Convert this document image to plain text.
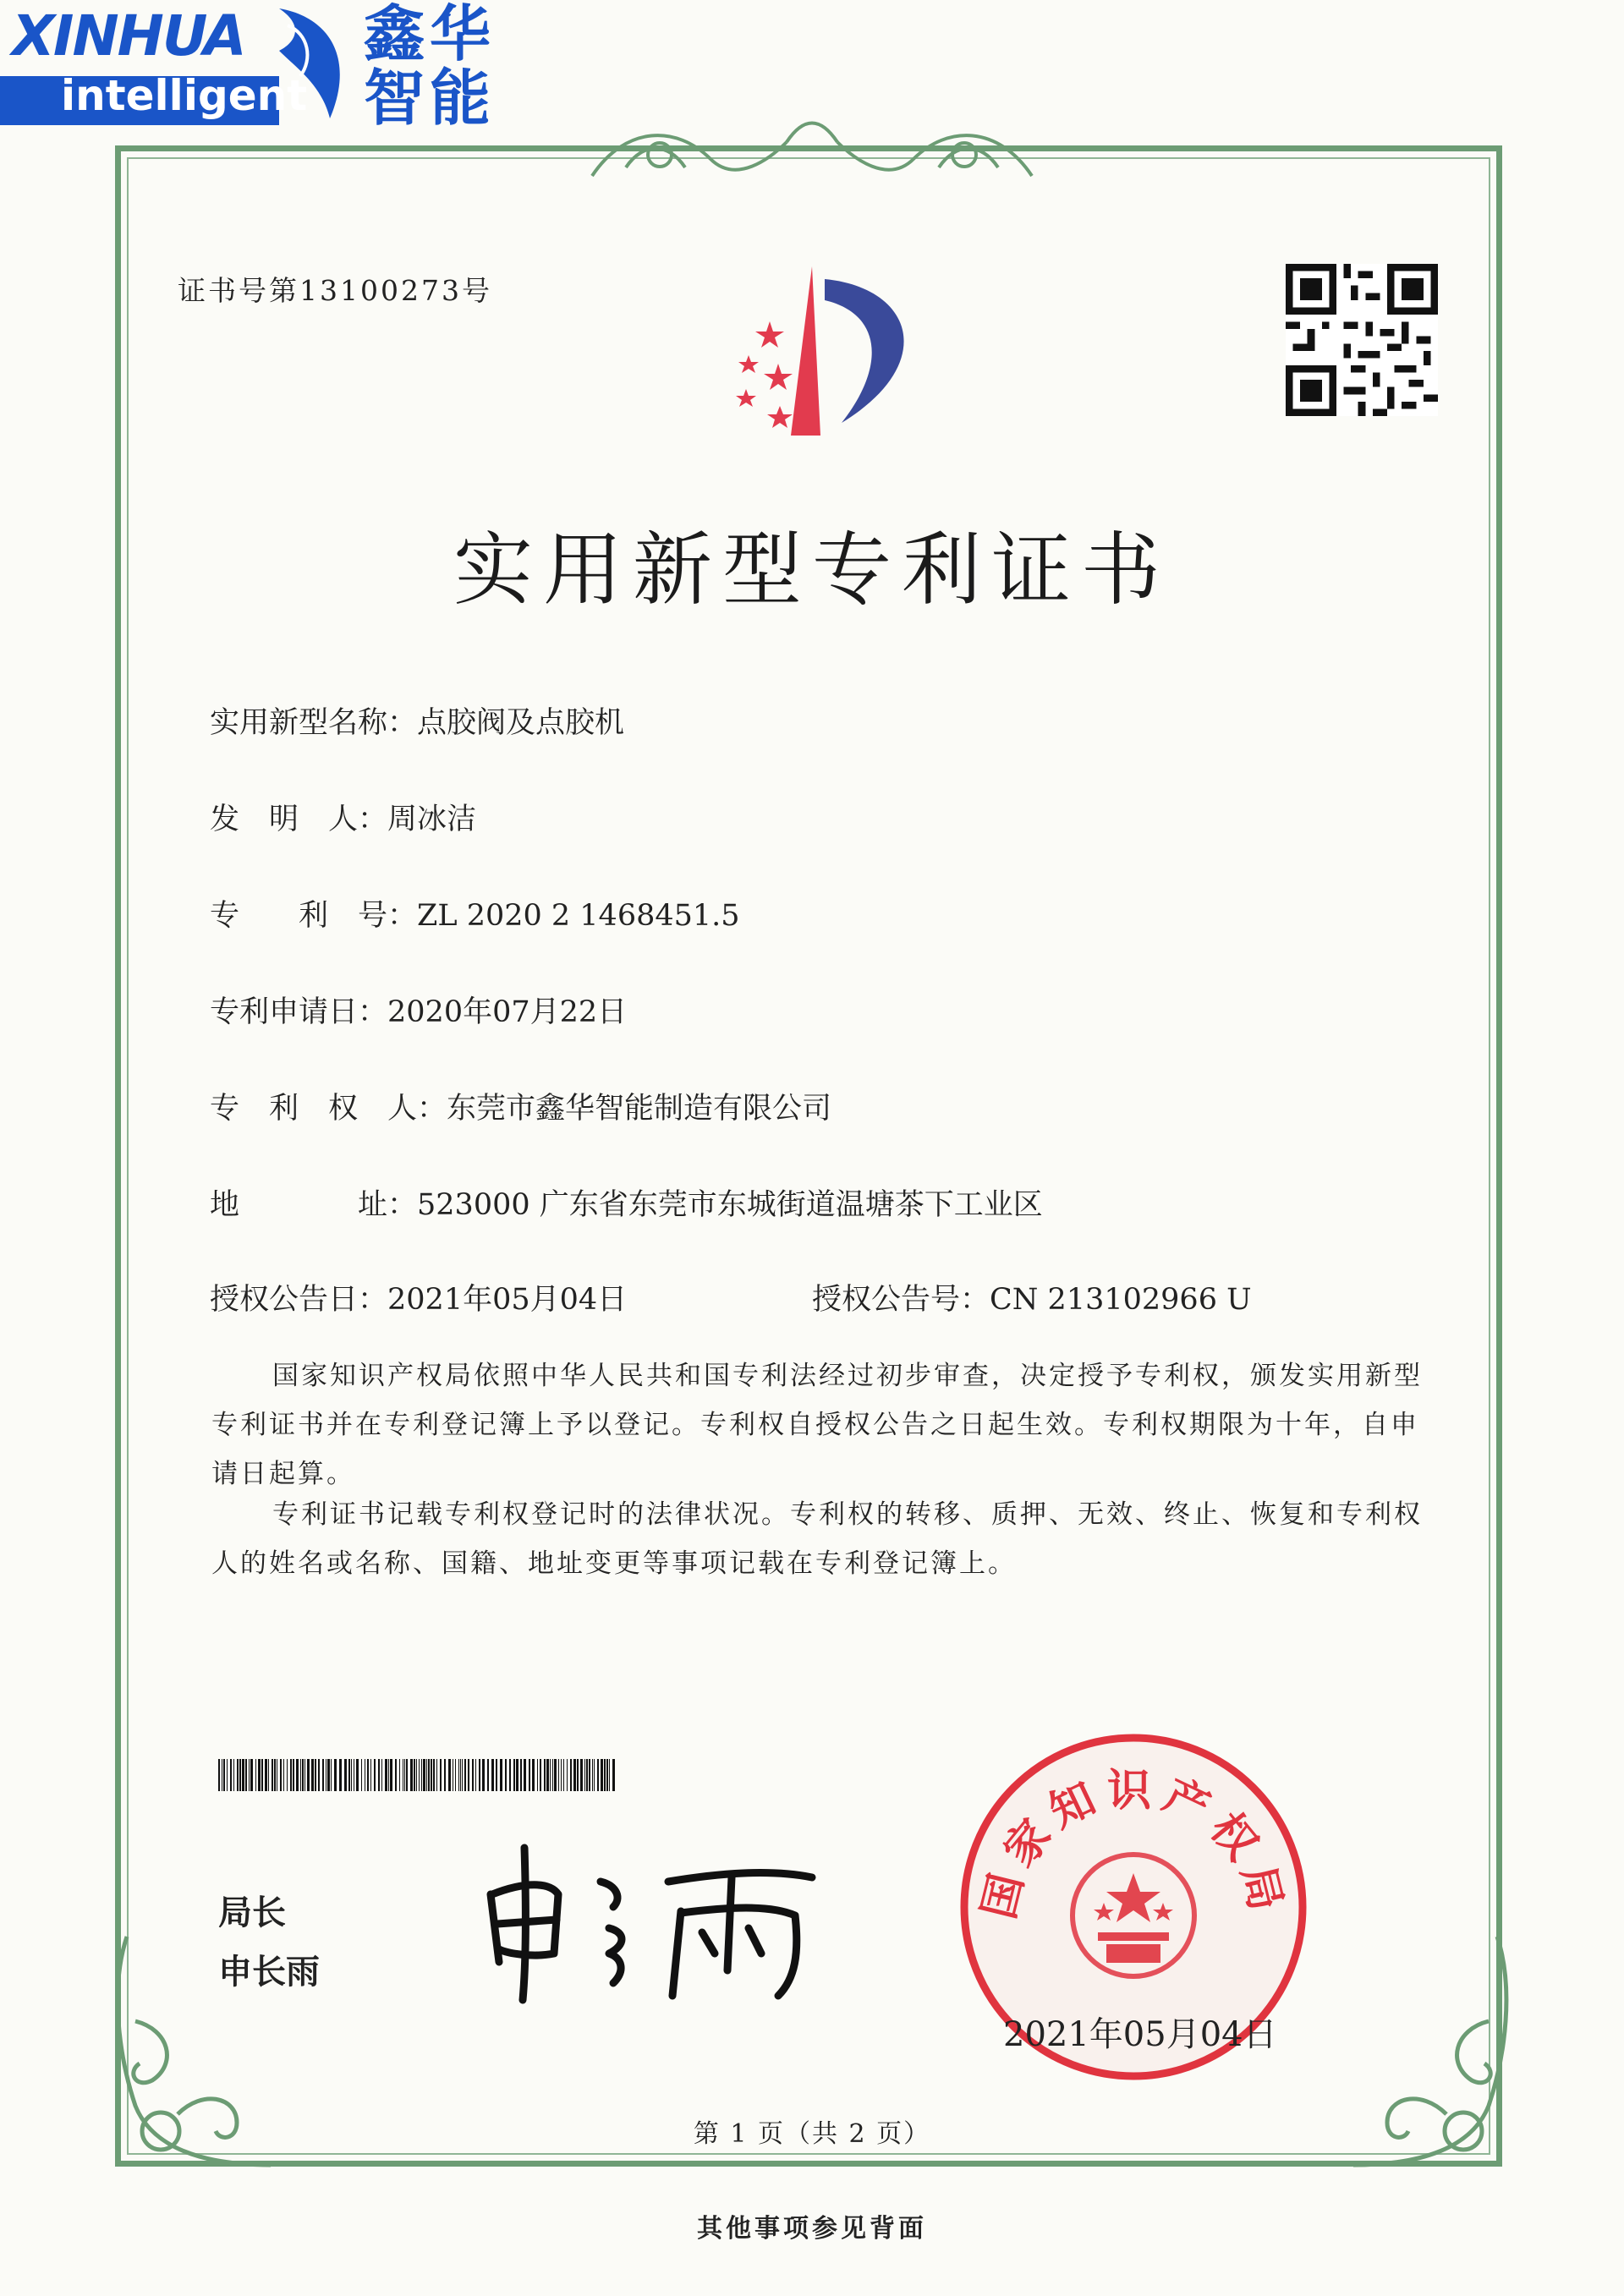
XINHUA
intelligent
鑫华
智能
证书号第13100273号
实用新型专利证书
实用新型名称：点胶阀及点胶机
发　明　人：周冰洁
专　　利　号：ZL 2020 2 1468451.5
专利申请日：2020年07月22日
专　利　权　人：东莞市鑫华智能制造有限公司
地　　　　址：523000 广东省东莞市东城街道温塘茶下工业区
授权公告日：2021年05月04日	授权公告号：CN 213102966 U
国家知识产权局依照中华人民共和国专利法经过初步审查，决定授予专利权，颁发实用新型专利证书并在专利登记簿上予以登记。专利权自授权公告之日起生效。专利权期限为十年，自申请日起算。
专利证书记载专利权登记时的法律状况。专利权的转移、质押、无效、终止、恢复和专利权人的姓名或名称、国籍、地址变更等事项记载在专利登记簿上。
局长
申长雨
国家知识产权局
2021年05月04日
第 1 页（共 2 页）
其他事项参见背面
